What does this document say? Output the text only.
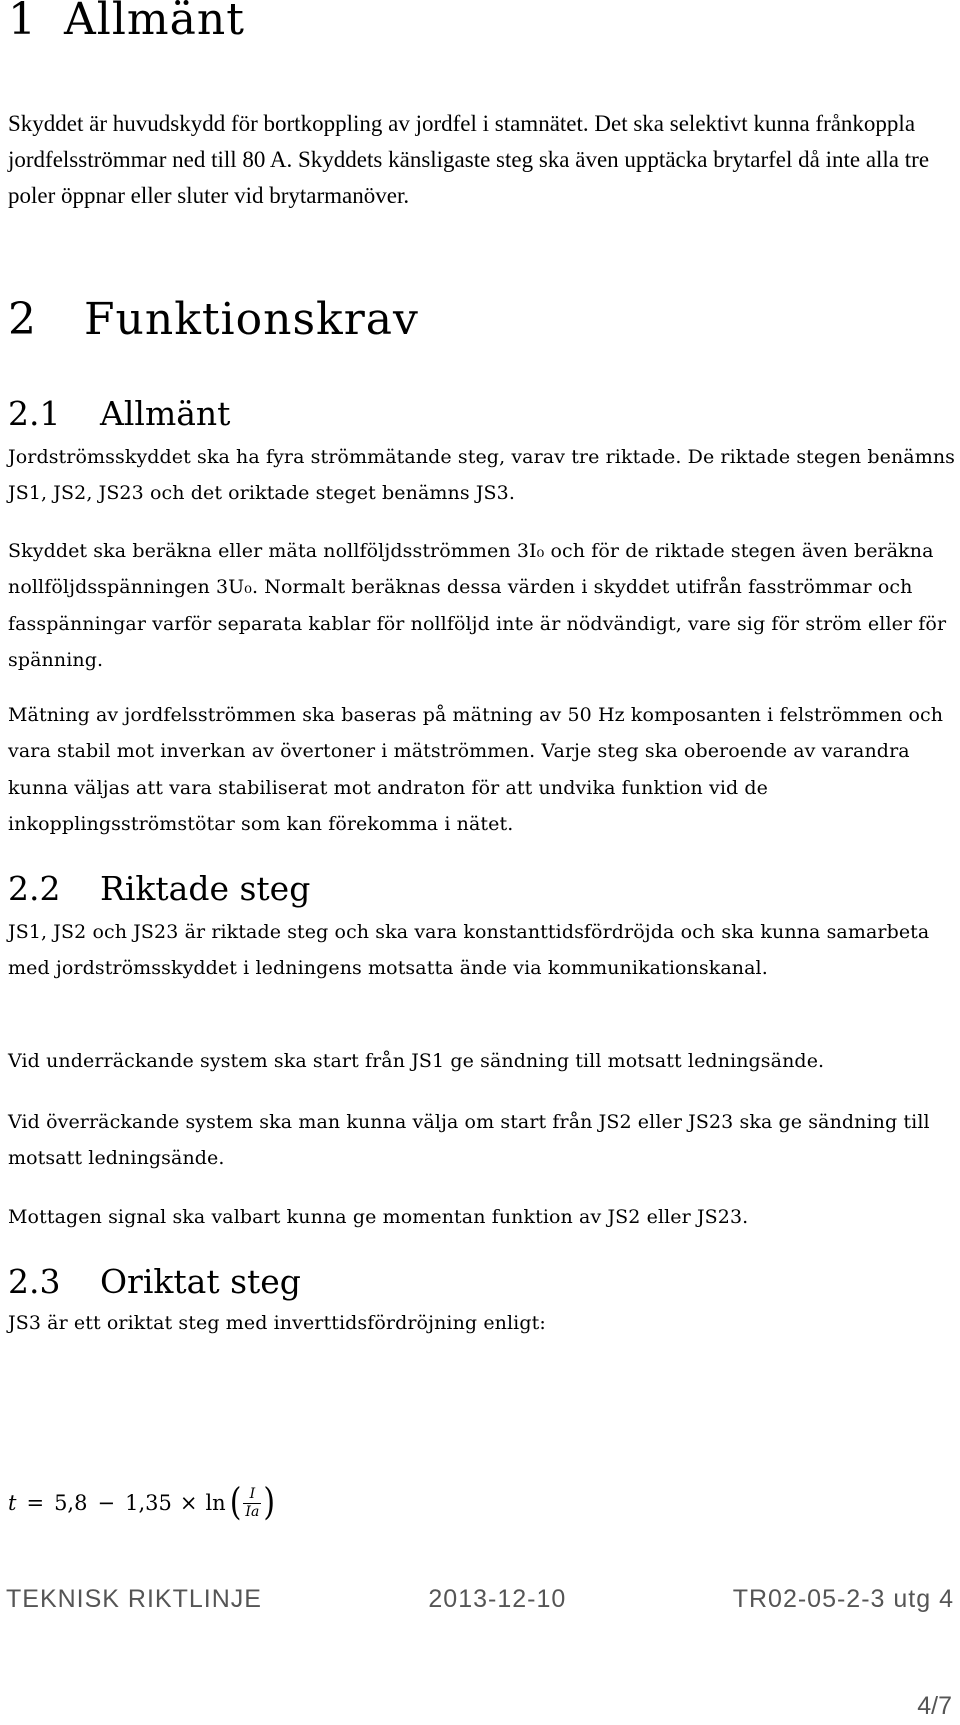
1 Allmänt

Skyddet är huvudskydd för bortkoppling av jordfel i stamnätet. Det ska selektivt kunna frånkoppla jordfelsströmmar ned till 80 A. Skyddets känsligaste steg ska även upptäcka brytarfel då inte alla tre poler öppnar eller sluter vid brytarmanöver.

2 Funktionskrav
2.1 Allmänt

Jordströmsskyddet ska ha fyra strömmätande steg, varav tre riktade. De riktade stegen benämns JS1, JS2, JS23 och det oriktade steget benämns JS3.

Skyddet ska beräkna eller mäta nollföljdsströmmen 3I₀ och för de riktade stegen även beräkna nollföljdsspänningen 3U₀. Normalt beräknas dessa värden i skyddet utifrån fasströmmar och fasspänningar varför separata kablar för nollföljd inte är nödvändigt, vare sig för ström eller för spänning.

Mätning av jordfelsströmmen ska baseras på mätning av 50 Hz komposanten i felströmmen och vara stabil mot inverkan av övertoner i mätströmmen. Varje steg ska oberoende av varandra kunna väljas att vara stabiliserat mot andraton för att undvika funktion vid de inkopplingsströmstötar som kan förekomma i nätet.

2.2 Riktade steg

JS1, JS2 och JS23 är riktade steg och ska vara konstanttidsfördröjda och ska kunna samarbeta med jordströmsskyddet i ledningens motsatta ände via kommunikationskanal.

Vid underräckande system ska start från JS1 ge sändning till motsatt ledningsände.

Vid överräckande system ska man kunna välja om start från JS2 eller JS23 ska ge sändning till motsatt ledningsände.

Mottagen signal ska valbart kunna ge momentan funktion av JS2 eller JS23.

2.3 Oriktat steg

JS3 är ett oriktat steg med inverttidsfördröjning enligt:

t = 5,8 − 1,35 × ln ( $\frac{I}{Ia}$ )
TEKNISK RIKTLINJE	2013-12-10	TR02-05-2-3 utg 4
4/7
